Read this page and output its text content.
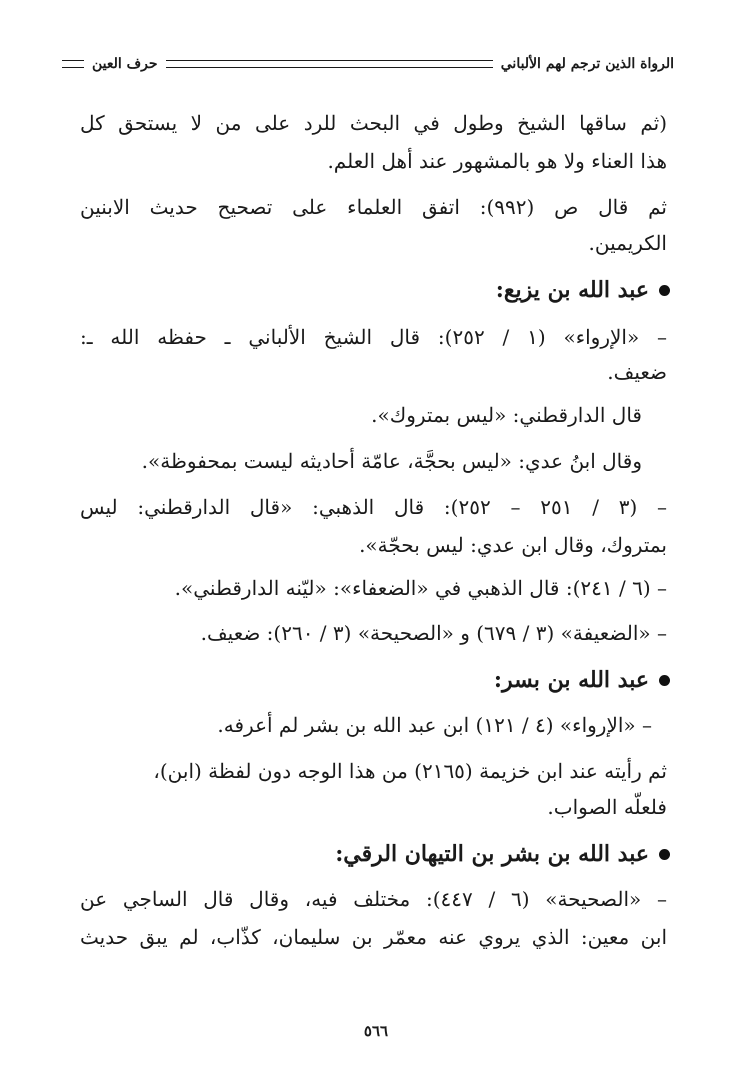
الرواة الذين ترجم لهم الألباني
حرف العين
(ثم ساقها الشيخ وطول في البحث للرد على من لا يستحق كل
هذا العناء ولا هو بالمشهور عند أهل العلم.
ثم قال ص (٩٩٢): اتفق العلماء على تصحيح حديث الابنين
الكريمين.
عبد الله بن يزيع:
– «الإرواء» (١ / ٢٥٢): قال الشيخ الألباني ـ حفظه الله ـ:
ضعيف.
قال الدارقطني: «ليس بمتروك».
وقال ابنُ عدي: «ليس بحجَّة، عامّة أحاديثه ليست بمحفوظة».
– (٣ / ٢٥١ – ٢٥٢): قال الذهبي: «قال الدارقطني: ليس
بمتروك، وقال ابن عدي: ليس بحجّة».
– (٦ / ٢٤١): قال الذهبي في «الضعفاء»: «ليّنه الدارقطني».
– «الضعيفة» (٣ / ٦٧٩) و «الصحيحة» (٣ / ٢٦٠): ضعيف.
عبد الله بن بسر:
– «الإرواء» (٤ / ١٢١) ابن عبد الله بن بشر لم أعرفه.
ثم رأيته عند ابن خزيمة (٢١٦٥) من هذا الوجه دون لفظة (ابن)،
فلعلّه الصواب.
عبد الله بن بشر بن التيهان الرقي:
– «الصحيحة» (٦ / ٤٤٧): مختلف فيه، وقال قال الساجي عن
ابن معين: الذي يروي عنه معمّر بن سليمان، كذّاب، لم يبق حديث
٥٦٦
